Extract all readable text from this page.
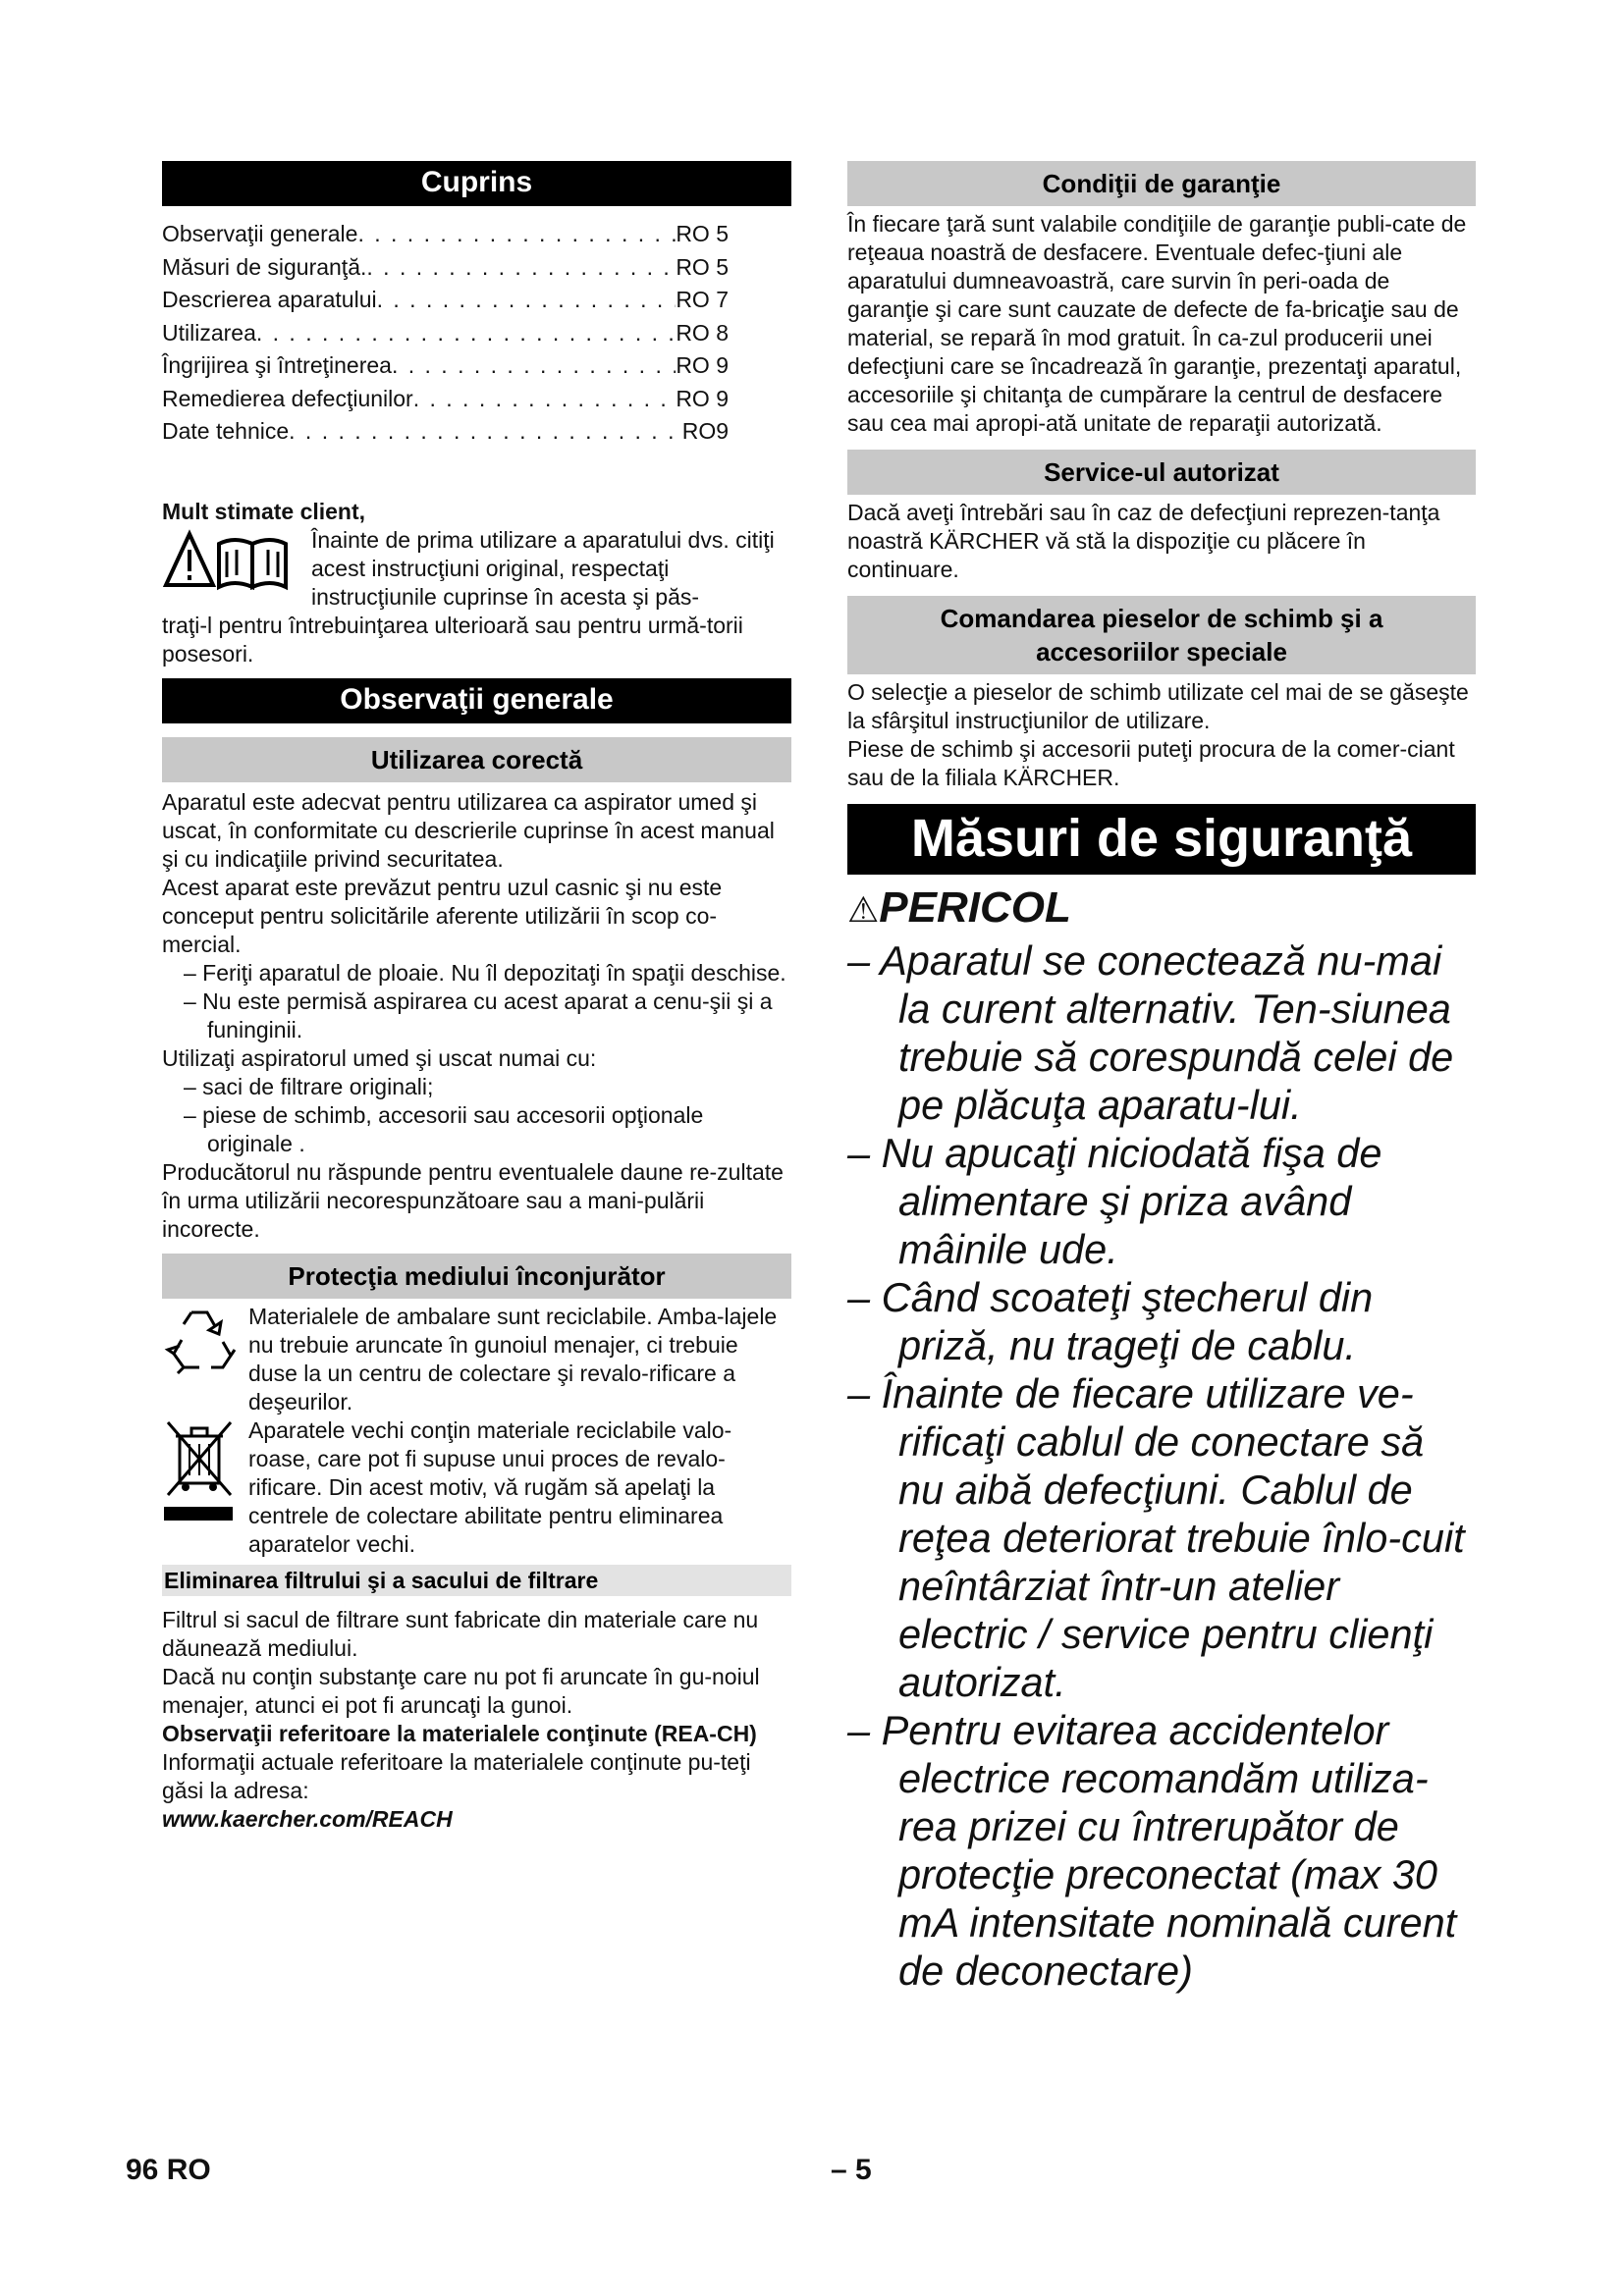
Cuprins
Observaţii generale . . .	RO 5
Măsuri de siguranţă. . . .	RO 5
Descrierea aparatului . . .	RO 7
Utilizarea . . .	RO 8
Îngrijirea şi întreţinerea . . .	RO 9
Remedierea defecţiunilor . . .	RO 9
Date tehnice . . .	RO9

Mult stimate client,

Înainte de prima utilizare a aparatului dvs. citiţi acest instrucţiuni original, respectaţi instrucţiunile cuprinse în acesta şi păs-

traţi-l pentru întrebuinţarea ulterioară sau pentru urmă-torii posesori.

Observaţii generale
Utilizarea corectă

Aparatul este adecvat pentru utilizarea ca aspirator umed şi uscat, în conformitate cu descrierile cuprinse în acest manual şi cu indicaţiile privind securitatea.

Acest aparat este prevăzut pentru uzul casnic şi nu este conceput pentru solicitările aferente utilizării în scop co-mercial.

– Feriţi aparatul de ploaie. Nu îl depozitaţi în spaţii deschise.

– Nu este permisă aspirarea cu acest aparat a cenu-şii şi a funinginii.

Utilizaţi aspiratorul umed şi uscat numai cu:

– saci de filtrare originali;

– piese de schimb, accesorii sau accesorii opţionale originale .

Producătorul nu răspunde pentru eventualele daune re-zultate în urma utilizării necorespunzătoare sau a mani-pulării incorecte.

Protecţia mediului înconjurător

Materialele de ambalare sunt reciclabile. Amba-lajele nu trebuie aruncate în gunoiul menajer, ci trebuie duse la un centru de colectare şi revalo-rificare a deşeurilor.

Aparatele vechi conţin materiale reciclabile valo-roase, care pot fi supuse unui proces de revalo-rificare. Din acest motiv, vă rugăm să apelaţi la centrele de colectare abilitate pentru eliminarea aparatelor vechi.

Eliminarea filtrului şi a sacului de filtrare

Filtrul si sacul de filtrare sunt fabricate din materiale care nu dăunează mediului.

Dacă nu conţin substanţe care nu pot fi aruncate în gu-noiul menajer, atunci ei pot fi aruncaţi la gunoi.

Observaţii referitoare la materialele conţinute (REA-CH)

Informaţii actuale referitoare la materialele conţinute pu-teţi găsi la adresa:

www.kaercher.com/REACH

Condiţii de garanţie

În fiecare ţară sunt valabile condiţiile de garanţie publi-cate de reţeaua noastră de desfacere. Eventuale defec-ţiuni ale aparatului dumneavoastră, care survin în peri-oada de garanţie şi care sunt cauzate de defecte de fa-bricaţie sau de material, se repară în mod gratuit. În ca-zul producerii unei defecţiuni care se încadrează în garanţie, prezentaţi aparatul, accesoriile şi chitanţa de cumpărare la centrul de desfacere sau cea mai apropi-ată unitate de reparaţii autorizată.

Service-ul autorizat

Dacă aveţi întrebări sau în caz de defecţiuni reprezen-tanţa noastră KÄRCHER vă stă la dispoziţie cu plăcere în continuare.

Comandarea pieselor de schimb şi a
accesoriilor speciale

O selecţie a pieselor de schimb utilizate cel mai de se găseşte la sfârşitul instrucţiunilor de utilizare.

Piese de schimb şi accesorii puteţi procura de la comer-ciant sau de la filiala KÄRCHER.

Măsuri de siguranţă
⚠PERICOL

– Aparatul se conectează nu-mai la curent alternativ. Ten-siunea trebuie să corespundă celei de pe plăcuţa aparatu-lui.

– Nu apucaţi niciodată fişa de alimentare şi priza având mâinile ude.

– Când scoateţi ştecherul din priză, nu trageţi de cablu.

– Înainte de fiecare utilizare ve-rificaţi cablul de conectare să nu aibă defecţiuni. Cablul de reţea deteriorat trebuie înlo-cuit neîntârziat într-un atelier electric / service pentru clienţi autorizat.

– Pentru evitarea accidentelor electrice recomandăm utiliza-rea prizei cu întrerupător de protecţie preconectat (max 30 mA intensitate nominală curent de deconectare)

96 RO	– 5
